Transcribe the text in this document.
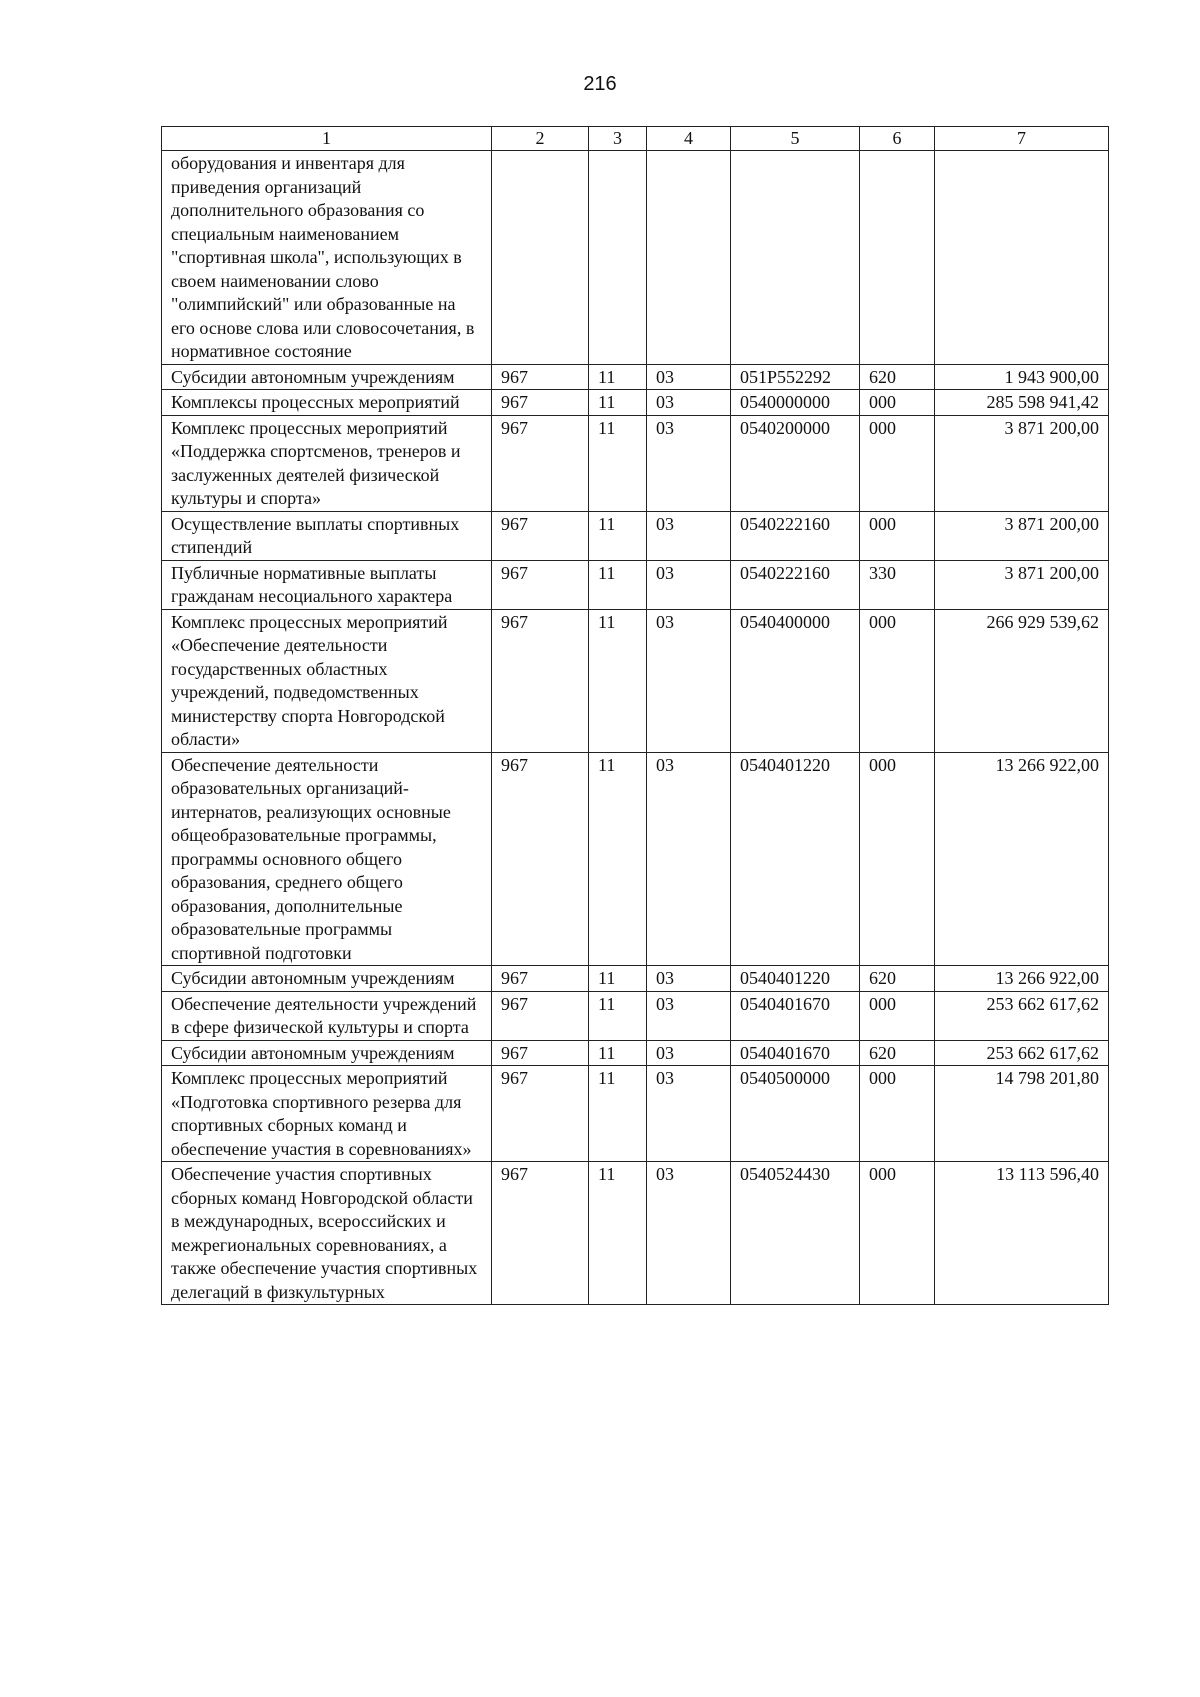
216
1	2	3	4	5	6	7
оборудования и инвентаря для приведения организаций дополнительного образования со специальным наименованием "спортивная школа", использующих в своем наименовании слово "олимпийский" или образованные на его основе слова или словосочетания, в нормативное состояние						
Субсидии автономным учреждениям	967	11	03	051P552292	620	1 943 900,00
Комплексы процессных мероприятий	967	11	03	0540000000	000	285 598 941,42
Комплекс процессных мероприятий «Поддержка спортсменов, тренеров и заслуженных деятелей физической культуры и спорта»	967	11	03	0540200000	000	3 871 200,00
Осуществление выплаты спортивных стипендий	967	11	03	0540222160	000	3 871 200,00
Публичные нормативные выплаты гражданам несоциального характера	967	11	03	0540222160	330	3 871 200,00
Комплекс процессных мероприятий «Обеспечение деятельности государственных областных учреждений, подведомственных министерству спорта Новгородской области»	967	11	03	0540400000	000	266 929 539,62
Обеспечение деятельности образовательных организаций-интернатов, реализующих основные общеобразовательные программы, программы основного общего образования, среднего общего образования, дополнительные образовательные программы спортивной подготовки	967	11	03	0540401220	000	13 266 922,00
Субсидии автономным учреждениям	967	11	03	0540401220	620	13 266 922,00
Обеспечение деятельности учреждений в сфере физической культуры и спорта	967	11	03	0540401670	000	253 662 617,62
Субсидии автономным учреждениям	967	11	03	0540401670	620	253 662 617,62
Комплекс процессных мероприятий «Подготовка спортивного резерва для спортивных сборных команд и обеспечение участия в соревнованиях»	967	11	03	0540500000	000	14 798 201,80
Обеспечение участия спортивных сборных команд Новгородской области в международных, всероссийских и межрегиональных соревнованиях, а также обеспечение участия спортивных делегаций в физкультурных	967	11	03	0540524430	000	13 113 596,40
